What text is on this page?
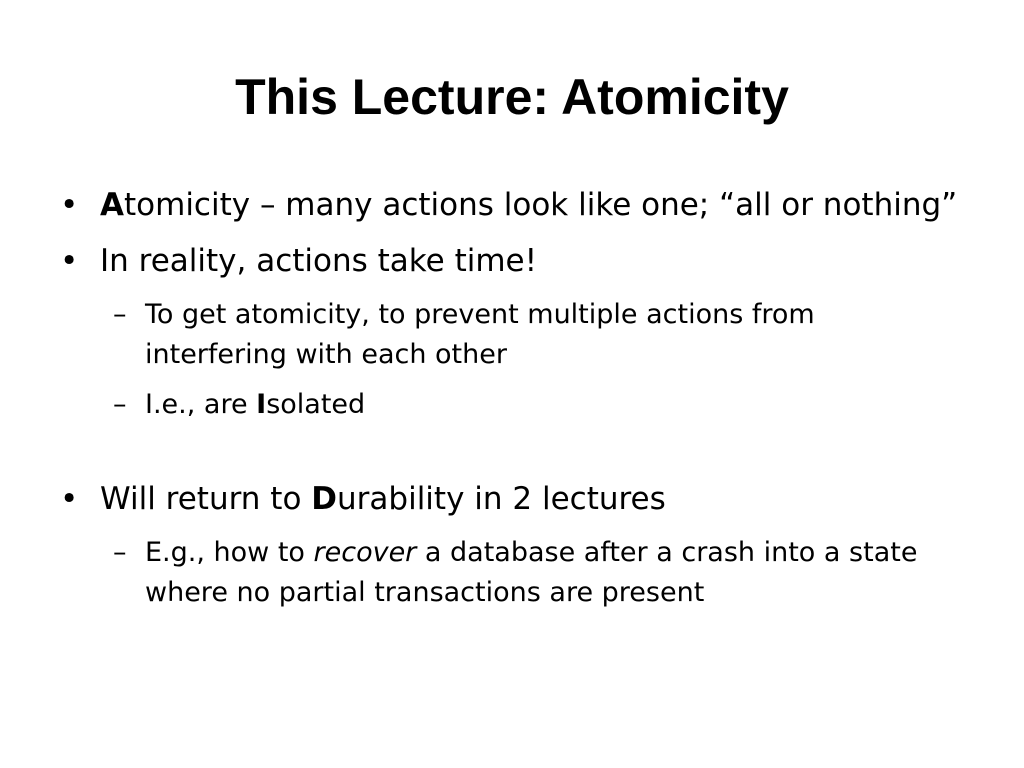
This Lecture: Atomicity
• Atomicity – many actions look like one; “all or nothing”
• In reality, actions take time!
– To get atomicity, to prevent multiple actions from interfering with each other
– I.e., are Isolated
• Will return to Durability in 2 lectures
– E.g., how to recover a database after a crash into a state where no partial transactions are present
